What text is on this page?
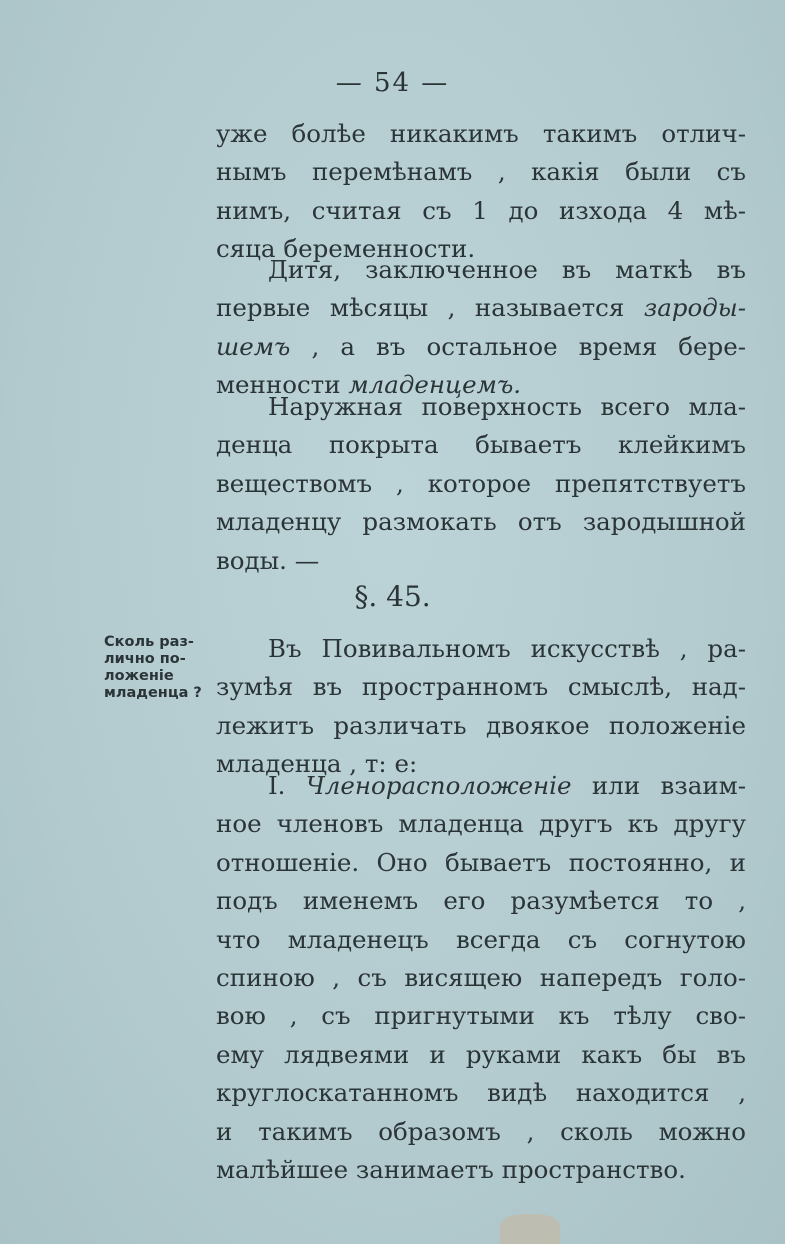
— 54 —
уже болѣе никакимъ такимъ отлич-
нымъ перемѣнамъ , какія были съ
нимъ, считая съ 1 до изхода 4 мѣ-
сяца беременности.
Дитя, заключенное въ маткѣ въ
первые мѣсяцы , называется зароды-
шемъ , а въ остальное время бере-
менности младенцемъ.
Наружная поверхность всего мла-
денца покрыта бываетъ клейкимъ
веществомъ , которое препятствуетъ
младенцу размокать отъ зародышной
воды. —
§. 45.
Сколь раз-
лично по-
ложеніе
младенца ?
Въ Повивальномъ искусствѣ , ра-
зумѣя въ пространномъ смыслѣ, над-
лежитъ различать двоякое положеніе
младенца , т: е:
I. Членорасположеніе или взаим-
ное членовъ младенца другъ къ другу
отношеніе. Оно бываетъ постоянно, и
подъ именемъ его разумѣется то ,
что младенецъ всегда съ согнутою
спиною , съ висящею напередъ голо-
вою , съ пригнутыми къ тѣлу сво-
ему лядвеями и руками какъ бы въ
круглоскатанномъ видѣ находится ,
и такимъ образомъ , сколь можно
малѣйшее занимаетъ пространство.
